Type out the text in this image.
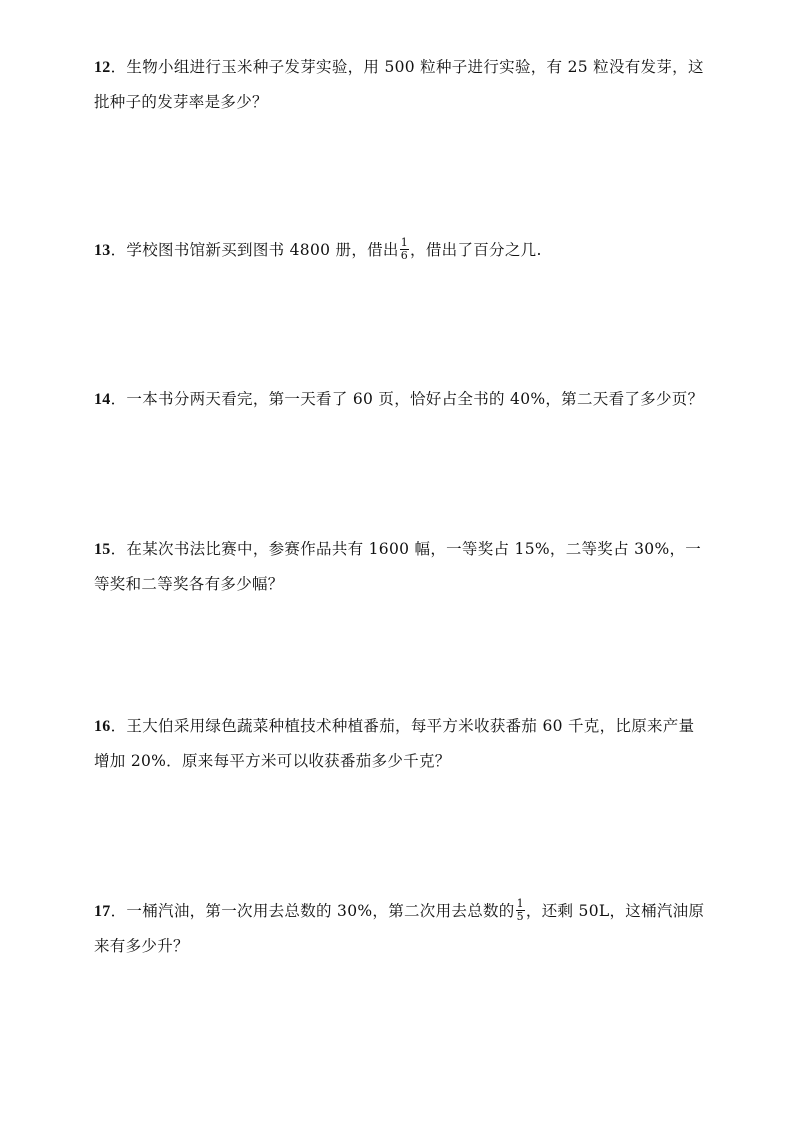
12．生物小组进行玉米种子发芽实验，用 500 粒种子进行实验，有 25 粒没有发芽，这批种子的发芽率是多少？
13．学校图书馆新买到图书 4800 册，借出 $\frac{1}{6}$ ，借出了百分之几.
14．一本书分两天看完，第一天看了 60 页，恰好占全书的 40%，第二天看了多少页？
15．在某次书法比赛中，参赛作品共有 1600 幅，一等奖占 15%，二等奖占 30%，一等奖和二等奖各有多少幅？
16．王大伯采用绿色蔬菜种植技术种植番茄，每平方米收获番茄 60 千克，比原来产量增加 20%．原来每平方米可以收获番茄多少千克？
17．一桶汽油，第一次用去总数的 30%，第二次用去总数的 $\frac{1}{5}$ ，还剩 50L，这桶汽油原来有多少升？
